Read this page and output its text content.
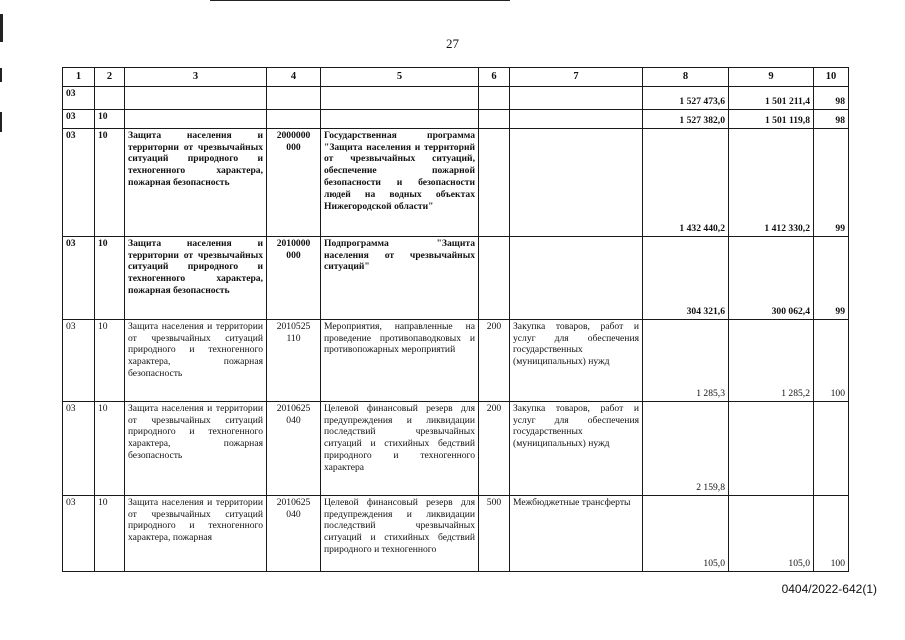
27
1	2	3	4	5	6	7	8	9	10
03							1 527 473,6	1 501 211,4	98
03	10						1 527 382,0	1 501 119,8	98
03	10	Защита населения и территории от чрезвычайных ситуаций природного и техногенного характера, пожарная безопасность	2000000 000	Государственная программа "Защита населения и территорий от чрезвычайных ситуаций, обеспечение пожарной безопасности и безопасности людей на водных объектах Нижегородской области"			1 432 440,2	1 412 330,2	99
03	10	Защита населения и территории от чрезвычайных ситуаций природного и техногенного характера, пожарная безопасность	2010000 000	Подпрограмма "Защита населения от чрезвычайных ситуаций"			304 321,6	300 062,4	99
03	10	Защита населения и территории от чрезвычайных ситуаций природного и техногенного характера, пожарная безопасность	2010525 110	Мероприятия, направленные на проведение противопаводковых и противопожарных мероприятий	200	Закупка товаров, работ и услуг для обеспечения государственных (муниципальных) нужд	1 285,3	1 285,2	100
03	10	Защита населения и территории от чрезвычайных ситуаций природного и техногенного характера, пожарная безопасность	2010625 040	Целевой финансовый резерв для предупреждения и ликвидации последствий чрезвычайных ситуаций и стихийных бедствий природного и техногенного характера	200	Закупка товаров, работ и услуг для обеспечения государственных (муниципальных) нужд	2 159,8		
03	10	Защита населения и территории от чрезвычайных ситуаций природного и техногенного характера, пожарная	2010625 040	Целевой финансовый резерв для предупреждения и ликвидации последствий чрезвычайных ситуаций и стихийных бедствий природного и техногенного	500	Межбюджетные трансферты	105,0	105,0	100
0404/2022-642(1)
